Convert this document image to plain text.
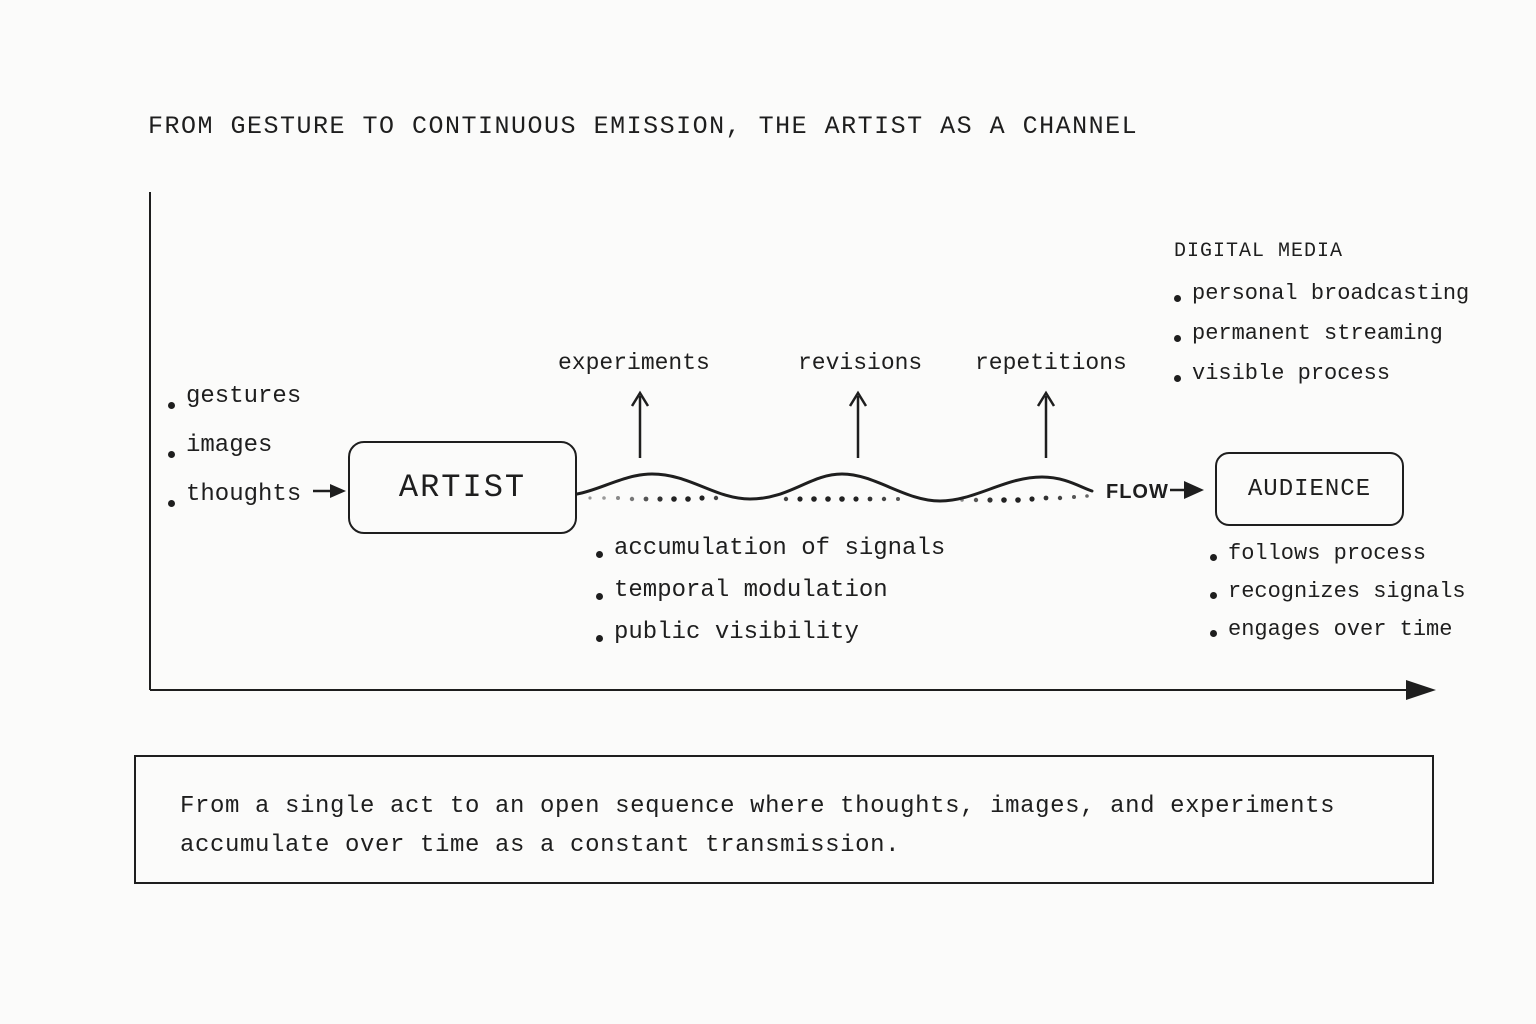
FROM GESTURE TO CONTINUOUS EMISSION, THE ARTIST AS A CHANNEL
gestures
images
thoughts	ARTIST
experiments	revisions repetitions
accumulation of signals
temporal modulation
public visibility
FLOW	AUDIENCE
follows process
recognizes signals
engages over time
DIGITAL MEDIA
personal broadcasting
permanent streaming
visible process
From a single act to an open sequence where thoughts, images, and experiments
accumulate over time as a constant transmission.
